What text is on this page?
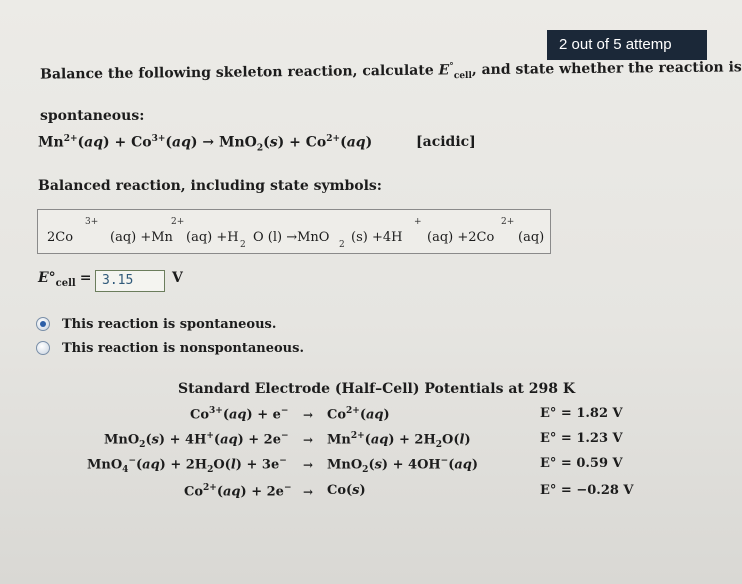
2 out of 5 attemp
Balance the following skeleton reaction, calculate $E^\circ_{cell}$, and state whether the reaction is
spontaneous:
$Mn^{2+}(aq) + Co^{3+}(aq) \to MnO_2(s) + Co^{2+}(aq)$	[acidic]
Balanced reaction, including state symbols:
2Co
3+
(aq) +Mn
2+
(aq) +H 2 O (l) →MnO 2 (s) +4H
+
(aq) +2Co
2+
(aq)
$E^\circ_{cell} = 3.15$	V
This reaction is spontaneous.
This reaction is nonspontaneous.
Standard Electrode (Half–Cell) Potentials at 298 K
$Co^{3+}(aq) + e^- \to Co^{2+}(aq)$	E° = 1.82 V
$MnO_2(s) + 4H^+(aq) + 2e^- \to Mn^{2+}(aq) + 2H_2O(l)$	E° = 1.23 V
$MnO_4^-(aq) + 2H_2O(l) + 3e^- \to MnO_2(s) + 4OH^-(aq)$	E° = 0.59 V
$Co^{2+}(aq) + 2e^- \to Co(s)$	E° = −0.28 V
